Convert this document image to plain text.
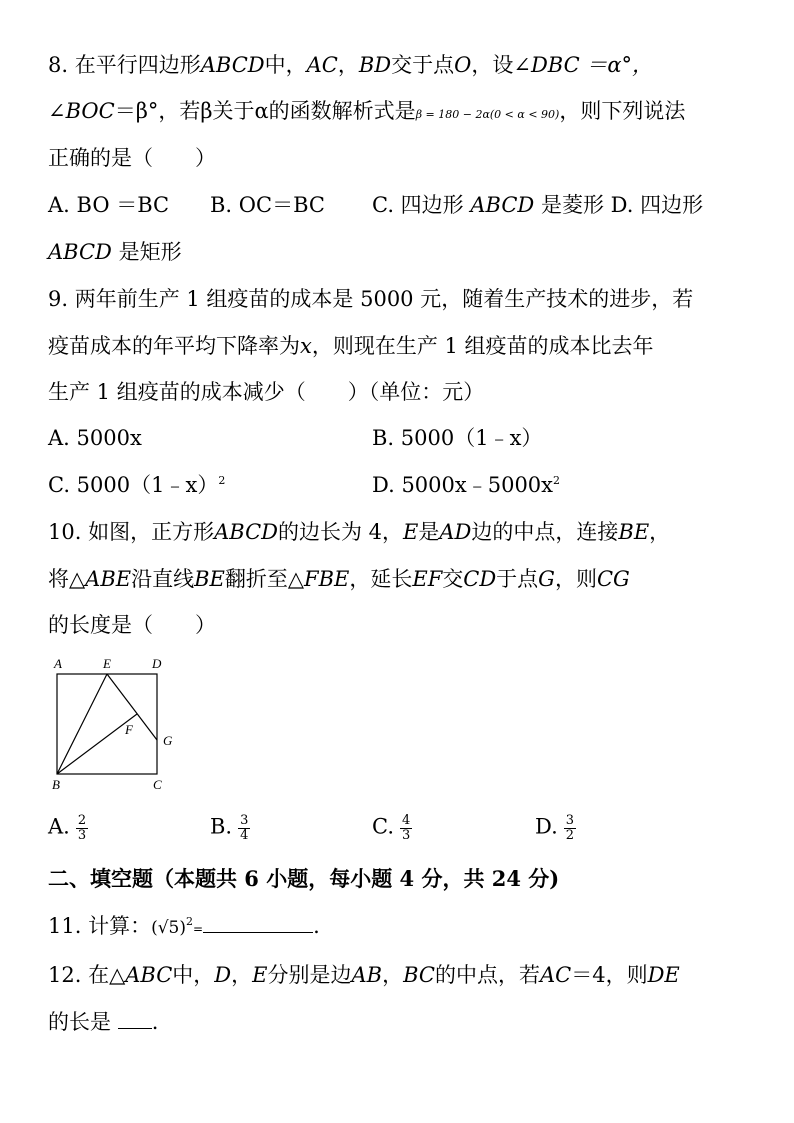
8. 在平行四边形ABCD中，AC，BD交于点O，设∠DBC ＝α°，
∠BOC＝β°，若β关于α的函数解析式是β = 180 − 2α(0 < α < 90)，则下列说法
正确的是（　　）
A. BO ＝BC B. OC＝BC C. 四边形 ABCD 是菱形 D. 四边形
ABCD 是矩形
9. 两年前生产 1 组疫苗的成本是 5000 元，随着生产技术的进步，若
疫苗成本的年平均下降率为x，则现在生产 1 组疫苗的成本比去年
生产 1 组疫苗的成本减少（　　）（单位：元）
A. 5000x	B. 5000（1﹣x）
C. 5000（1﹣x）$^2$	D. $5000x﹣5000x^2$
10. 如图，正方形ABCD的边长为 4，E是AD边的中点，连接BE，
将△ABE沿直线BE翻折至△FBE，延长EF交CD于点G，则CG
的长度是（　　）
A	E	D
F
G
B	C
A. $\frac{2}{3}$	B. $\frac{3}{4}$	C. $\frac{4}{3}$	D. $\frac{3}{2}$
二、填空题（本题共 6 小题，每小题 4 分，共 24 分)
11. 计算：$(√5)^2=$	.
12. 在△ABC中，D，E分别是边AB，BC的中点，若AC＝4，则DE
的长是 .
